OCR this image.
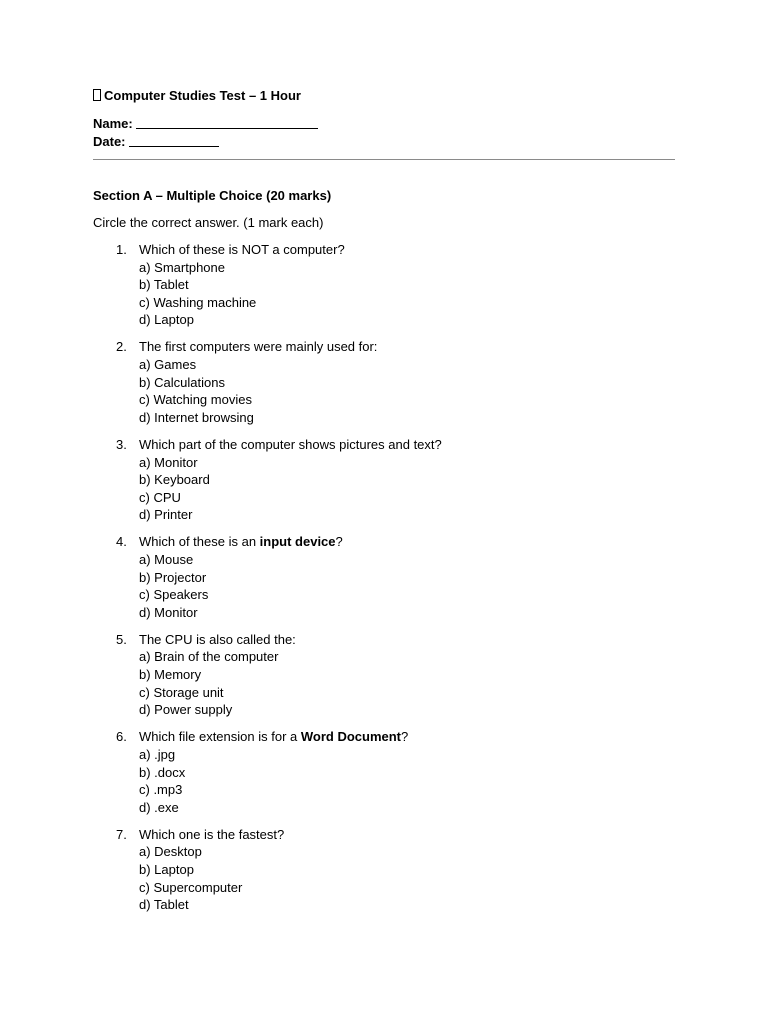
Computer Studies Test – 1 Hour
Name:
Date:
Section A – Multiple Choice (20 marks)
Circle the correct answer. (1 mark each)
1. Which of these is NOT a computer?
a) Smartphone
b) Tablet
c) Washing machine
d) Laptop
2. The first computers were mainly used for:
a) Games
b) Calculations
c) Watching movies
d) Internet browsing
3. Which part of the computer shows pictures and text?
a) Monitor
b) Keyboard
c) CPU
d) Printer
4. Which of these is an input device?
a) Mouse
b) Projector
c) Speakers
d) Monitor
5. The CPU is also called the:
a) Brain of the computer
b) Memory
c) Storage unit
d) Power supply
6. Which file extension is for a Word Document?
a) .jpg
b) .docx
c) .mp3
d) .exe
7. Which one is the fastest?
a) Desktop
b) Laptop
c) Supercomputer
d) Tablet
